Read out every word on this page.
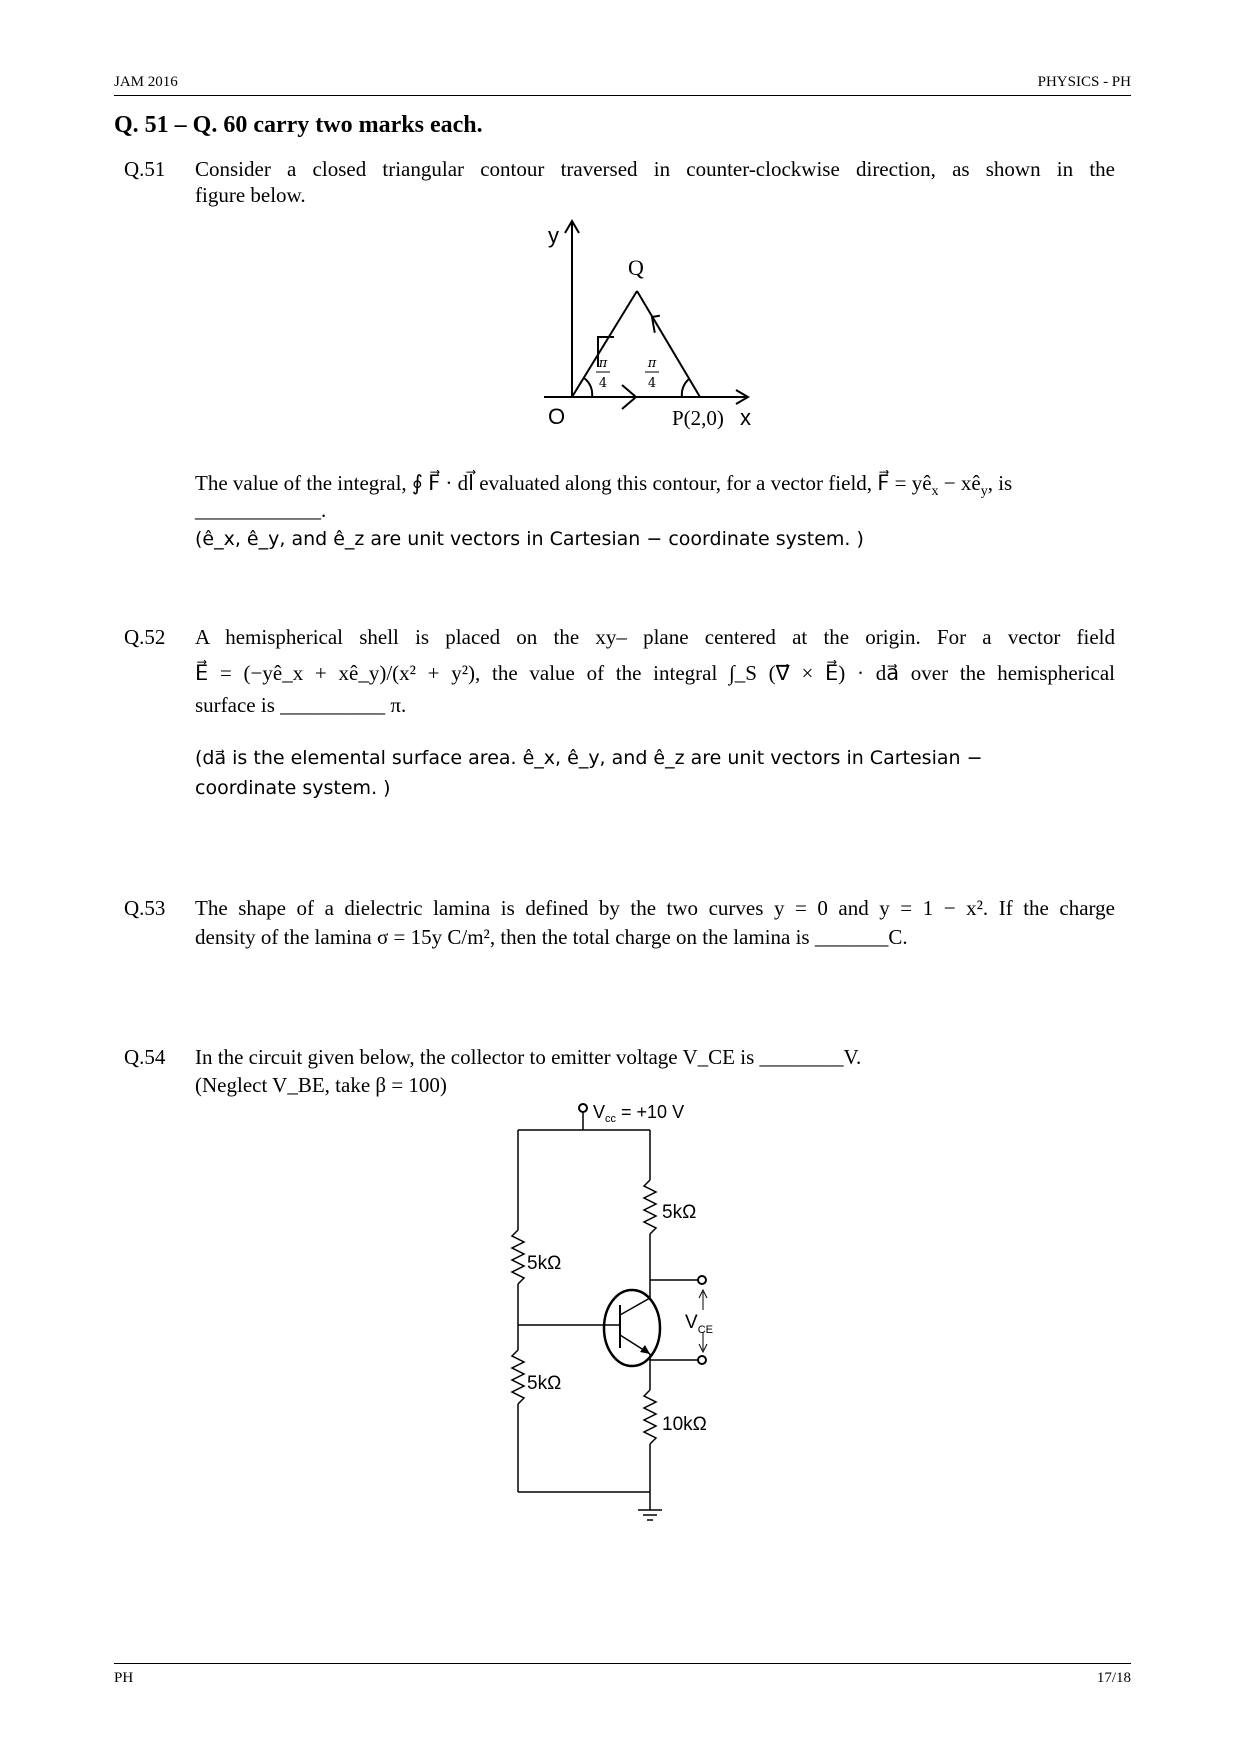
JAM 2016	PHYSICS - PH
Q. 51 – Q. 60 carry two marks each.
Q.51 Consider a closed triangular contour traversed in counter-clockwise direction, as shown in the
figure below.
y
Q
O	P(2,0) x
π
4
π
4
The value of the integral, ∮ F⃗ · dl⃗ evaluated along this contour, for a vector field, F⃗ = $yê_x$ − $xê_y$, is
____________.
(ê_x, ê_y, and ê_z are unit vectors in Cartesian − coordinate system. )
Q.52 A hemispherical shell is placed on the xy– plane centered at the origin. For a vector field
E⃗ = (−yê_x + xê_y)/(x² + y²), the value of the integral ∫_S (∇⃗ × E⃗) · da⃗ over the hemispherical
surface is __________ π.
(da⃗ is the elemental surface area. ê_x, ê_y, and ê_z are unit vectors in Cartesian −
coordinate system. )
Q.53 The shape of a dielectric lamina is defined by the two curves y = 0 and y = 1 − x². If the charge
density of the lamina σ = 15y C/m², then the total charge on the lamina is _______C.
Q.54 In the circuit given below, the collector to emitter voltage V_CE is ________V.
(Neglect V_BE, take β = 100)
$V_{cc} = +10$ V
5kΩ
5kΩ
5kΩ
10kΩ
$V_{CE}$
PH	17/18
